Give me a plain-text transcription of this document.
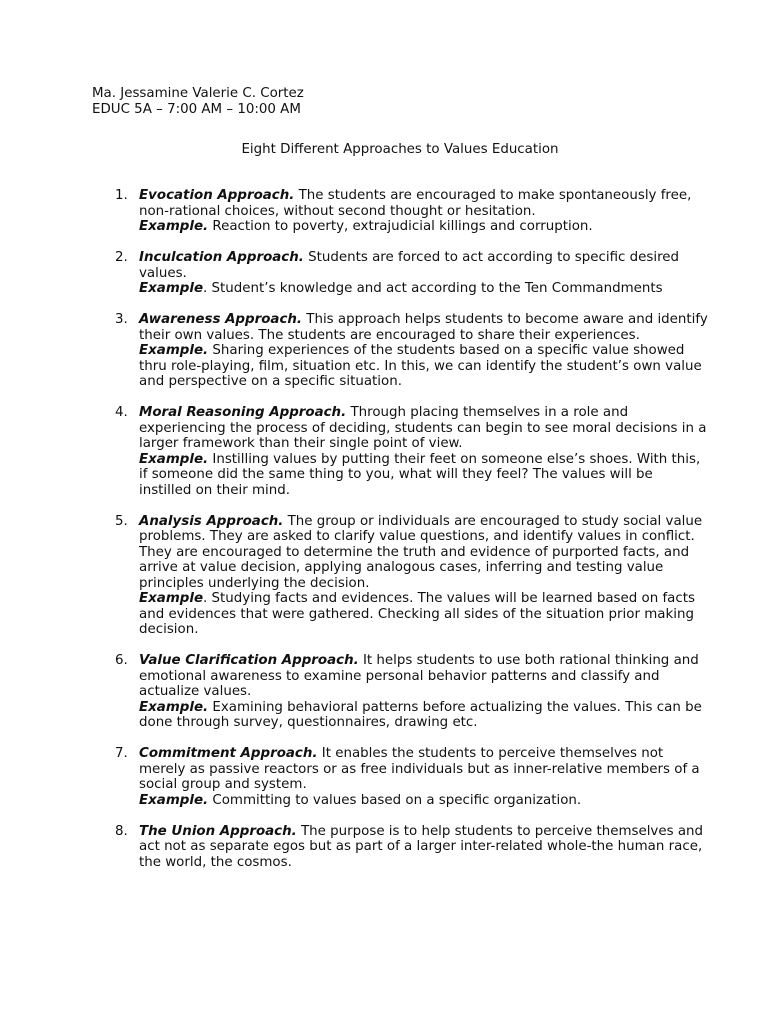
Ma. Jessamine Valerie C. Cortez
EDUC 5A – 7:00 AM – 10:00 AM
Eight Different Approaches to Values Education
1. Evocation Approach. The students are encouraged to make spontaneously free, non-rational choices, without second thought or hesitation.
Example. Reaction to poverty, extrajudicial killings and corruption.
2. Inculcation Approach. Students are forced to act according to specific desired values.
Example. Student’s knowledge and act according to the Ten Commandments
3. Awareness Approach. This approach helps students to become aware and identify their own values. The students are encouraged to share their experiences.
Example. Sharing experiences of the students based on a specific value showed thru role-playing, film, situation etc. In this, we can identify the student’s own value and perspective on a specific situation.
4. Moral Reasoning Approach. Through placing themselves in a role and experiencing the process of deciding, students can begin to see moral decisions in a larger framework than their single point of view.
Example. Instilling values by putting their feet on someone else’s shoes. With this, if someone did the same thing to you, what will they feel? The values will be instilled on their mind.
5. Analysis Approach. The group or individuals are encouraged to study social value problems. They are asked to clarify value questions, and identify values in conflict. They are encouraged to determine the truth and evidence of purported facts, and arrive at value decision, applying analogous cases, inferring and testing value principles underlying the decision.
Example. Studying facts and evidences. The values will be learned based on facts and evidences that were gathered. Checking all sides of the situation prior making decision.
6. Value Clarification Approach. It helps students to use both rational thinking and emotional awareness to examine personal behavior patterns and classify and actualize values.
Example. Examining behavioral patterns before actualizing the values. This can be done through survey, questionnaires, drawing etc.
7. Commitment Approach. It enables the students to perceive themselves not merely as passive reactors or as free individuals but as inner-relative members of a social group and system.
Example. Committing to values based on a specific organization.
8. The Union Approach. The purpose is to help students to perceive themselves and act not as separate egos but as part of a larger inter-related whole-the human race, the world, the cosmos.
